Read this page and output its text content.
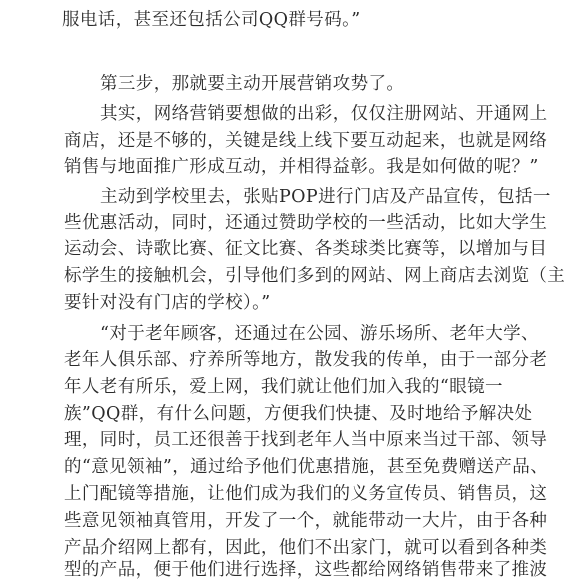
服电话，甚至还包括公司QQ群号码。”
第三步，那就要主动开展营销攻势了。
其实，网络营销要想做的出彩，仅仅注册网站、开通网上
商店，还是不够的，关键是线上线下要互动起来，也就是网络
销售与地面推广形成互动，并相得益彰。我是如何做的呢？”
主动到学校里去，张贴POP进行门店及产品宣传，包括一
些优惠活动，同时，还通过赞助学校的一些活动，比如大学生
运动会、诗歌比赛、征文比赛、各类球类比赛等，以增加与目
标学生的接触机会，引导他们多到的网站、网上商店去浏览（主
要针对没有门店的学校）。”
“对于老年顾客，还通过在公园、游乐场所、老年大学、
老年人俱乐部、疗养所等地方，散发我的传单，由于一部分老
年人老有所乐，爱上网，我们就让他们加入我的“眼镜一
族”QQ群，有什么问题，方便我们快捷、及时地给予解决处
理，同时，员工还很善于找到老年人当中原来当过干部、领导
的“意见领袖”，通过给予他们优惠措施，甚至免费赠送产品、
上门配镜等措施，让他们成为我们的义务宣传员、销售员，这
些意见领袖真管用，开发了一个，就能带动一大片，由于各种
产品介绍网上都有，因此，他们不出家门，就可以看到各种类
型的产品，便于他们进行选择，这些都给网络销售带来了推波
